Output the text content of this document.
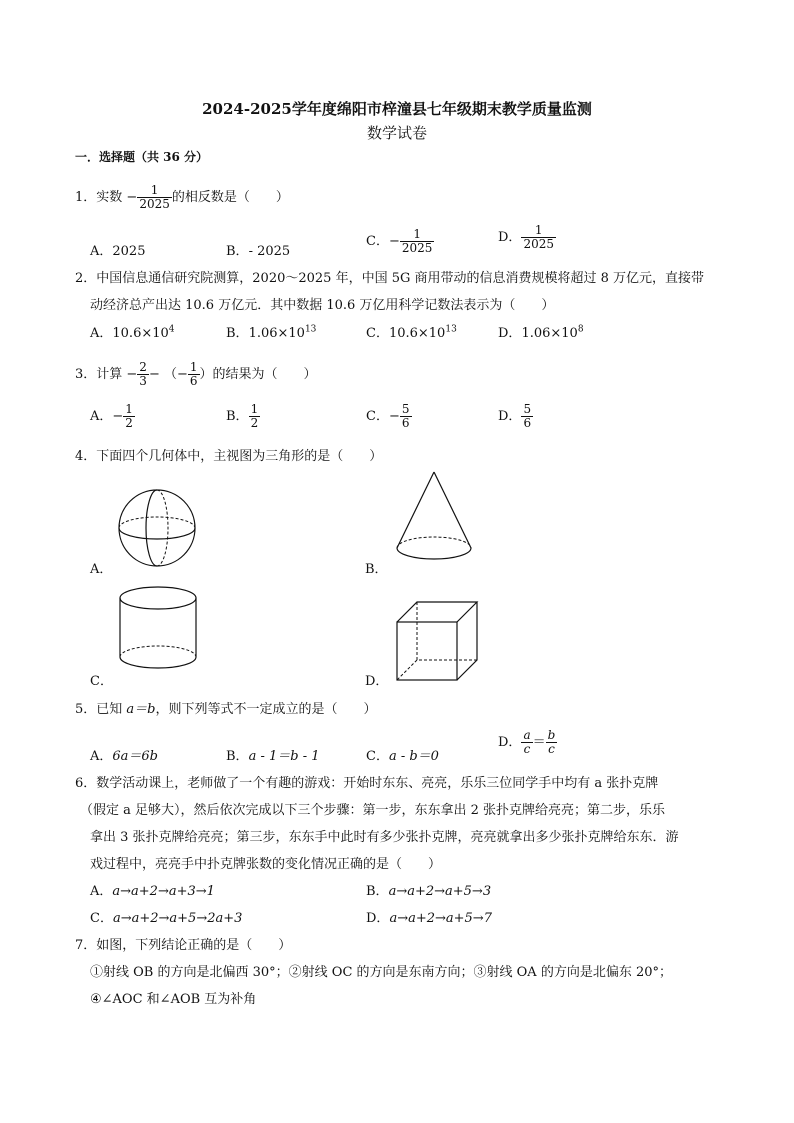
2024-2025学年度绵阳市梓潼县七年级期末教学质量监测
数学试卷
一．选择题（共 36 分）
1．实数 − $\frac{1}{2025}$ 的相反数是（　　）
A．2025	B．- 2025
C．− $\frac{1}{2025}$	D． $\frac{1}{2025}$
2．中国信息通信研究院测算，2020～2025 年，中国 5G 商用带动的信息消费规模将超过 8 万亿元，直接带
动经济总产出达 10.6 万亿元．其中数据 10.6 万亿用科学记数法表示为（　　）
A．$10.6\times 10^4$	B．$1.06\times 10^{13}$	C．$10.6\times 10^{13}$	D．$1.06\times 10^8$
3．计算 − $\frac{2}{3}$ − （− $\frac{1}{6}$ ）的结果为（　　）
A．− $\frac{1}{2}$	B． $\frac{1}{2}$	C．− $\frac{5}{6}$	D． $\frac{5}{6}$
4．下面四个几何体中，主视图为三角形的是（　　）
A．	B．
C．	D．
5．已知 a＝b，则下列等式不一定成立的是（　　）
A．6a＝6b	B．a - 1＝b - 1	C．a - b＝0
D． $\frac{a}{c} = \frac{b}{c}$
6．数学活动课上，老师做了一个有趣的游戏：开始时东东、亮亮，乐乐三位同学手中均有 a 张扑克牌
（假定 a 足够大），然后依次完成以下三个步骤：第一步，东东拿出 2 张扑克牌给亮亮；第二步，乐乐
拿出 3 张扑克牌给亮亮；第三步，东东手中此时有多少张扑克牌，亮亮就拿出多少张扑克牌给东东．游
戏过程中，亮亮手中扑克牌张数的变化情况正确的是（　　）
A．a→a+2→a+3→1	B．a→a+2→a+5→3
C．a→a+2→a+5→2a+3	D．a→a+2→a+5→7
7．如图，下列结论正确的是（　　）
①射线 OB 的方向是北偏西 30°；②射线 OC 的方向是东南方向；③射线 OA 的方向是北偏东 20°；
④∠AOC 和∠AOB 互为补角
